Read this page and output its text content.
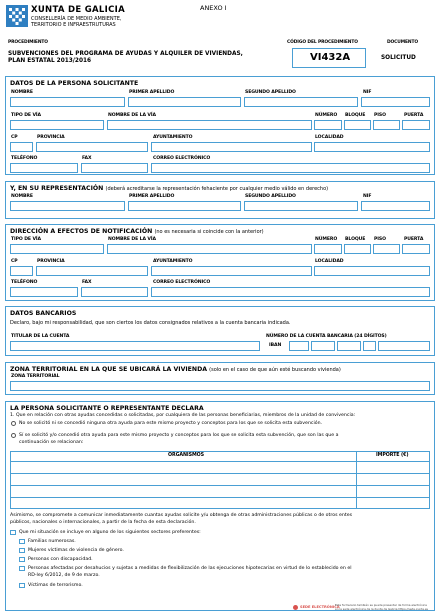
XUNTA DE GALICIA
CONSELLERÍA DE MEDIO AMBIENTE,
TERRITORIO E INFRAESTRUTURAS
ANEXO I
PROCEDIMIENTO
SUBVENCIONES DEL PROGRAMA DE AYUDAS Y ALQUILER DE VIVIENDAS,
PLAN ESTATAL 2013/2016
CÓDIGO DEL PROCEDIMIENTO
VI432A
DOCUMENTO
SOLICITUD
DATOS DE LA PERSONA SOLICITANTE
NOMBRE	PRIMER APELLIDO	SEGUNDO APELLIDO	NIF
TIPO DE VÍA	NOMBRE DE LA VÍA	NÚMERO BLOQUE PISO	PUERTA
CP	PROVINCIA	AYUNTAMIENTO	LOCALIDAD
TELÉFONO	FAX	CORREO ELECTRÓNICO
Y, EN SU REPRESENTACIÓN (deberá acreditarse la representación fehaciente por cualquier medio válido en derecho)
NOMBRE	PRIMER APELLIDO	SEGUNDO APELLIDO	NIF
DIRECCIÓN A EFECTOS DE NOTIFICACIÓN (no es necesaria si coincide con la anterior)
TIPO DE VÍA	NOMBRE DE LA VÍA	NÚMERO BLOQUE PISO	PUERTA
CP	PROVINCIA	AYUNTAMIENTO	LOCALIDAD
TELÉFONO	FAX	CORREO ELECTRÓNICO
DATOS BANCARIOS
Declaro, bajo mi responsabilidad, que son ciertos los datos consignados relativos a la cuenta bancaria indicada.
TITULAR DE LA CUENTA	NÚMERO DE LA CUENTA BANCARIA (24 DÍGITOS)
IBAN
ZONA TERRITORIAL EN LA QUE SE UBICARÁ LA VIVIENDA (solo en el caso de que aún esté buscando vivienda)
ZONA TERRITORIAL
LA PERSONA SOLICITANTE O REPRESENTANTE DECLARA
1. Que en relación con otras ayudas concedidas o solicitadas, por cualquiera de las personas beneficiarias, miembros de la unidad de convivencia:
No se solicitó ni se concedió ninguna otra ayuda para este mismo proyecto y conceptos para los que se solicita esta subvención.
Sí se solicitó y/o concedió otra ayuda para este mismo proyecto y conceptos para los que se solicita esta subvención, que son las que a
continuación se relacionan:
ORGANISMOS	IMPORTE (€)
Asimismo, se compromete a comunicar inmediatamente cuantas ayudas solicite y/u obtenga de otras administraciones públicas o de otros entes
públicos, nacionales o internacionales, a partir de la fecha de esta declaración.
Que mi situación se incluye en alguno de los siguientes sectores preferentes:
Familias numerosas.
Mujeres víctimas de violencia de género.
Personas con discapacidad.
Personas afectadas por desahucios y sujetas a medidas de flexibilización de las ejecuciones hipotecarias en virtud de lo establecido en el
RD-ley 6/2012, de 9 de marzo.
Víctimas de terrorismo.
SEDE ELECTRÓNICA
Este formulario también se puede presentar de forma electrónica
en la sede electrónica de la Xunta de Galicia https://sede.xunta.es
